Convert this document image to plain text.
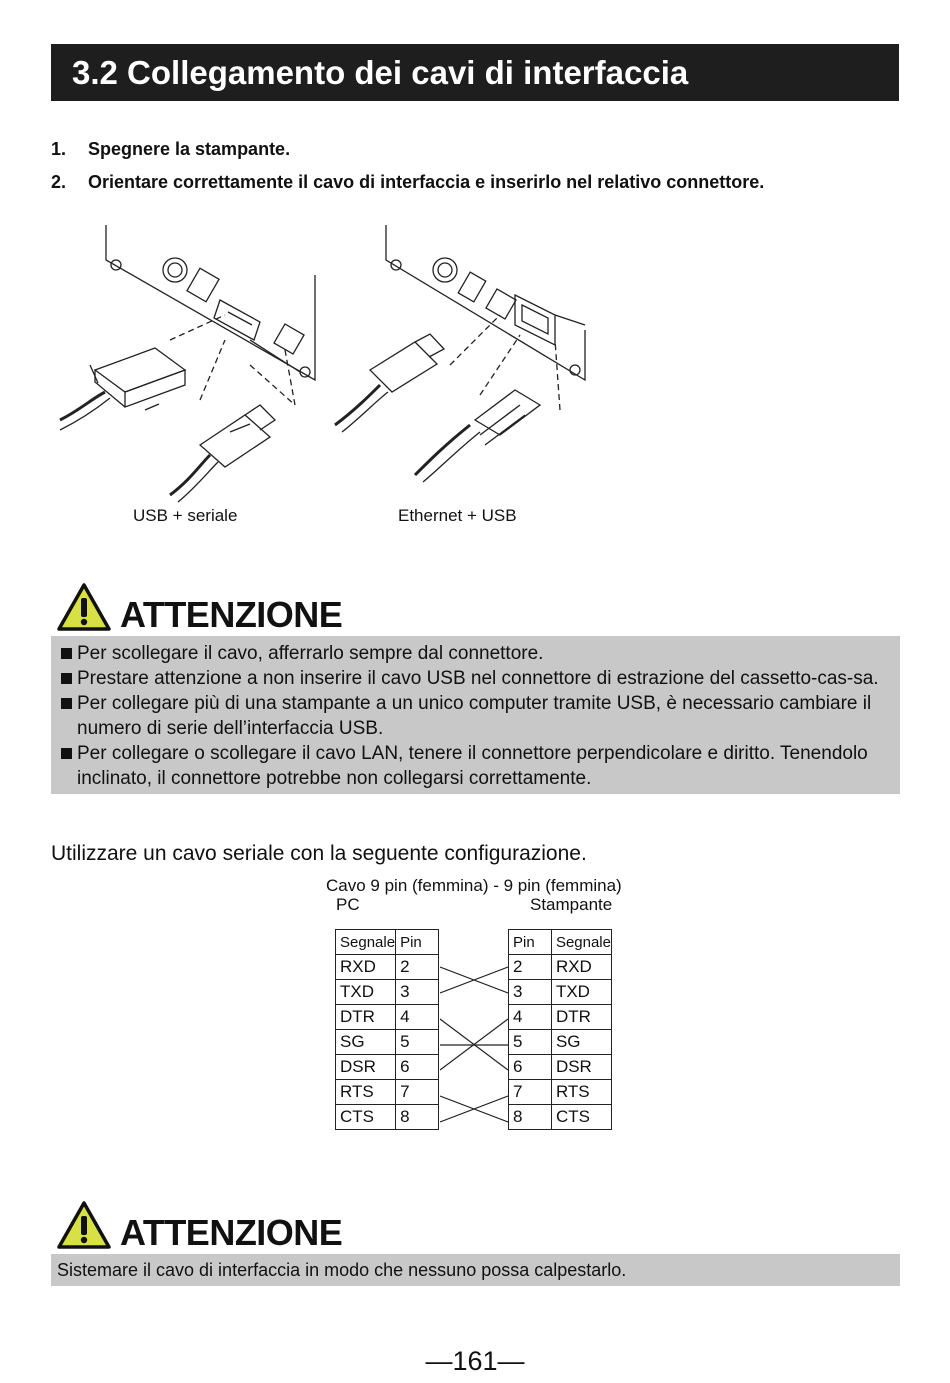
3.2 Collegamento dei cavi di interfaccia
1. Spegnere la stampante.
2. Orientare correttamente il cavo di interfaccia e inserirlo nel relativo connettore.
USB + seriale	Ethernet + USB
ATTENZIONE
Per scollegare il cavo, afferrarlo sempre dal connettore.
Prestare attenzione a non inserire il cavo USB nel connettore di estrazione del cassetto-cas-sa.
Per collegare più di una stampante a un unico computer tramite USB, è necessario cambiare il numero di serie dell’interfaccia USB.
Per collegare o scollegare il cavo LAN, tenere il connettore perpendicolare e diritto. Tenendolo inclinato, il connettore potrebbe non collegarsi correttamente.
Utilizzare un cavo seriale con la seguente configurazione.
Cavo 9 pin (femmina) - 9 pin (femmina)
PC	Stampante
Segnale	Pin
RXD	2
TXD	3
DTR	4
SG	5
DSR	6
RTS	7
CTS	8
Pin	Segnale
2	RXD
3	TXD
4	DTR
5	SG
6	DSR
7	RTS
8	CTS
ATTENZIONE
Sistemare il cavo di interfaccia in modo che nessuno possa calpestarlo.
—161—
